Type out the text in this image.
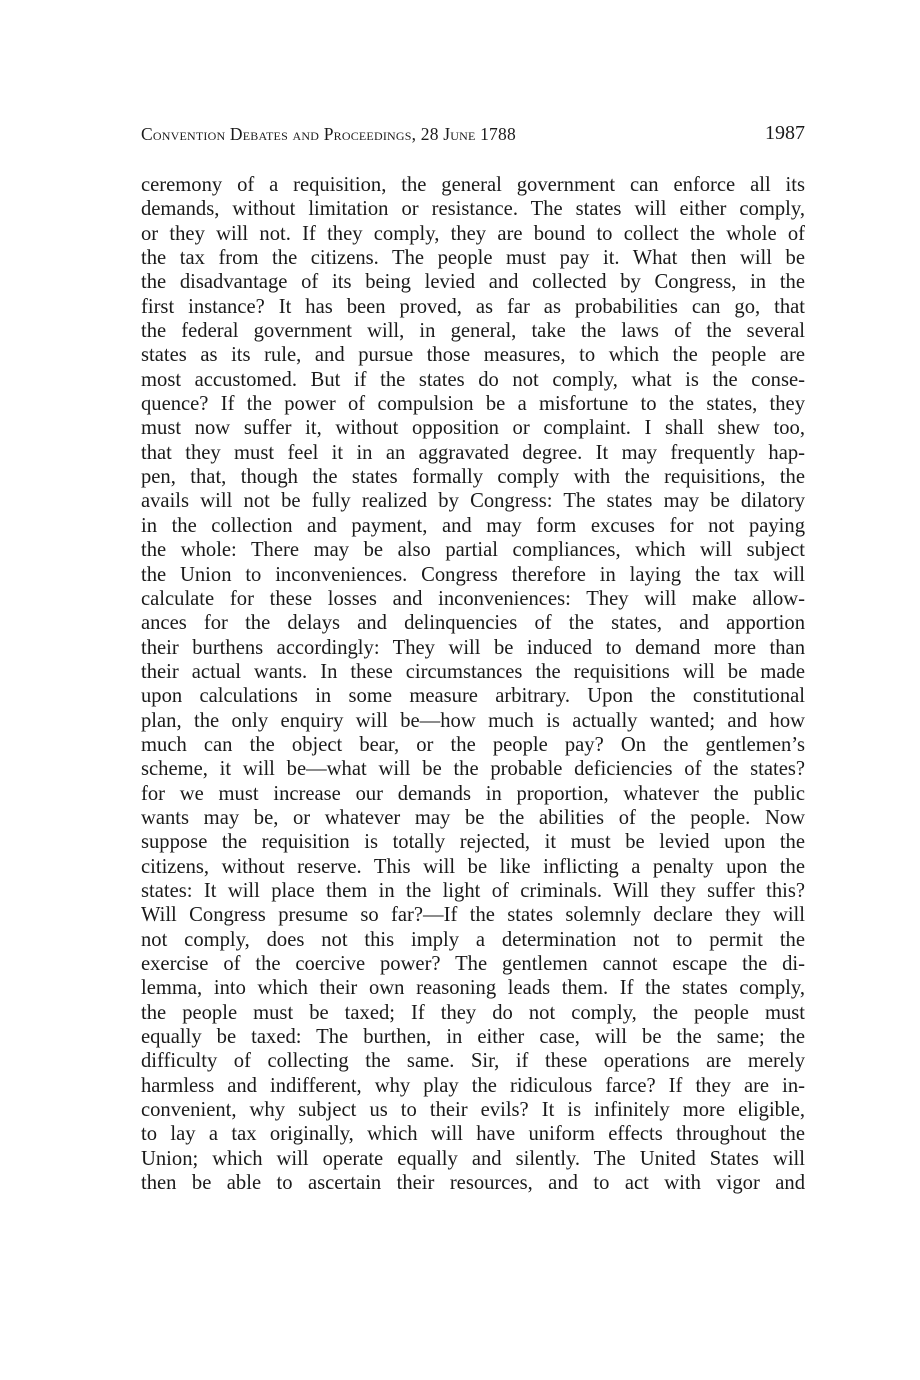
Convention Debates and Proceedings, 28 June 1788	1987
ceremony of a requisition, the general government can enforce all its
demands, without limitation or resistance. The states will either comply,
or they will not. If they comply, they are bound to collect the whole of
the tax from the citizens. The people must pay it. What then will be
the disadvantage of its being levied and collected by Congress, in the
first instance? It has been proved, as far as probabilities can go, that
the federal government will, in general, take the laws of the several
states as its rule, and pursue those measures, to which the people are
most accustomed. But if the states do not comply, what is the conse-
quence? If the power of compulsion be a misfortune to the states, they
must now suffer it, without opposition or complaint. I shall shew too,
that they must feel it in an aggravated degree. It may frequently hap-
pen, that, though the states formally comply with the requisitions, the
avails will not be fully realized by Congress: The states may be dilatory
in the collection and payment, and may form excuses for not paying
the whole: There may be also partial compliances, which will subject
the Union to inconveniences. Congress therefore in laying the tax will
calculate for these losses and inconveniences: They will make allow-
ances for the delays and delinquencies of the states, and apportion
their burthens accordingly: They will be induced to demand more than
their actual wants. In these circumstances the requisitions will be made
upon calculations in some measure arbitrary. Upon the constitutional
plan, the only enquiry will be—how much is actually wanted; and how
much can the object bear, or the people pay? On the gentlemen’s
scheme, it will be—what will be the probable deficiencies of the states?
for we must increase our demands in proportion, whatever the public
wants may be, or whatever may be the abilities of the people. Now
suppose the requisition is totally rejected, it must be levied upon the
citizens, without reserve. This will be like inflicting a penalty upon the
states: It will place them in the light of criminals. Will they suffer this?
Will Congress presume so far?—If the states solemnly declare they will
not comply, does not this imply a determination not to permit the
exercise of the coercive power? The gentlemen cannot escape the di-
lemma, into which their own reasoning leads them. If the states comply,
the people must be taxed; If they do not comply, the people must
equally be taxed: The burthen, in either case, will be the same; the
difficulty of collecting the same. Sir, if these operations are merely
harmless and indifferent, why play the ridiculous farce? If they are in-
convenient, why subject us to their evils? It is infinitely more eligible,
to lay a tax originally, which will have uniform effects throughout the
Union; which will operate equally and silently. The United States will
then be able to ascertain their resources, and to act with vigor and
